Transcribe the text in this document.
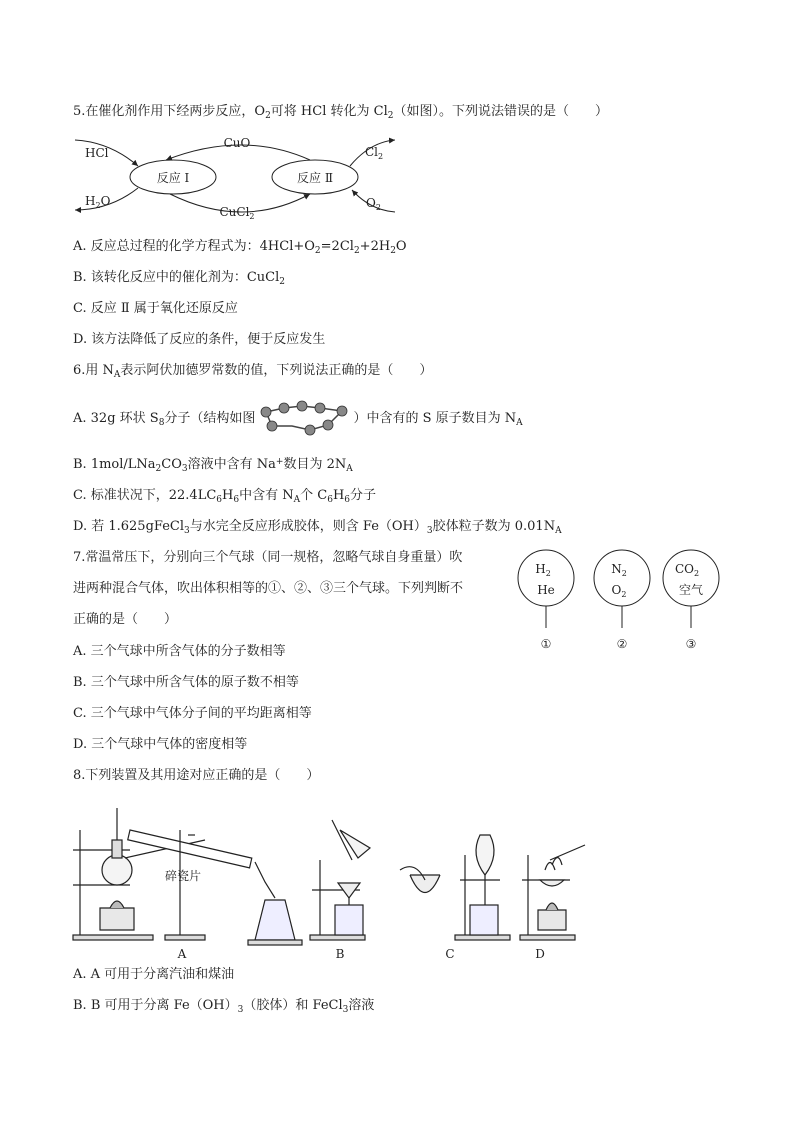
5.在催化剂作用下经两步反应，$O_2$可将 HCl 转化为 $Cl_2$（如图）。下列说法错误的是（　　）
反应 I	反应 Ⅱ
CuO
CuCl$_2$
HCl
$H_2O$
$Cl_2$
$O_2$
A. 反应总过程的化学方程式为：$4HCl+O_2=2Cl_2+2H_2O$
B. 该转化反应中的催化剂为：CuCl$_2$
C. 反应 Ⅱ 属于氧化还原反应
D. 该方法降低了反应的条件，便于反应发生
6.用 $N_A$表示阿伏加德罗常数的值，下列说法正确的是（　　）
A. 32g 环状 $S_8$分子（结构如图	）中含有的 S 原子数目为 $N_A$
B. $1mol/LNa_2CO_3$溶液中含有 Na+数目为 $2N_A$
C. 标准状况下，$22.4LC_6H_6$中含有 $N_A$个 $C_6H_6$分子
D. 若 1.625gFeCl$_3$与水完全反应形成胶体，则含 $Fe(OH)_3$胶体粒子数为 $0.01N_A$
7.常温常压下，分别向三个气球（同一规格，忽略气球自身重量）吹
进两种混合气体，吹出体积相等的①、②、③三个气球。下列判断不
正确的是（　　）
$H_2$
He
①
$N_2$
$O_2$
②
$CO_2$
空气
③
A. 三个气球中所含气体的分子数相等
B. 三个气球中所含气体的原子数不相等
C. 三个气球中气体分子间的平均距离相等
D. 三个气球中气体的密度相等
8.下列装置及其用途对应正确的是（　　）
碎瓷片
A	B	C	D
A. A 可用于分离汽油和煤油
B. B 可用于分离 $Fe(OH)_3$（胶体）和 FeCl$_3$溶液
